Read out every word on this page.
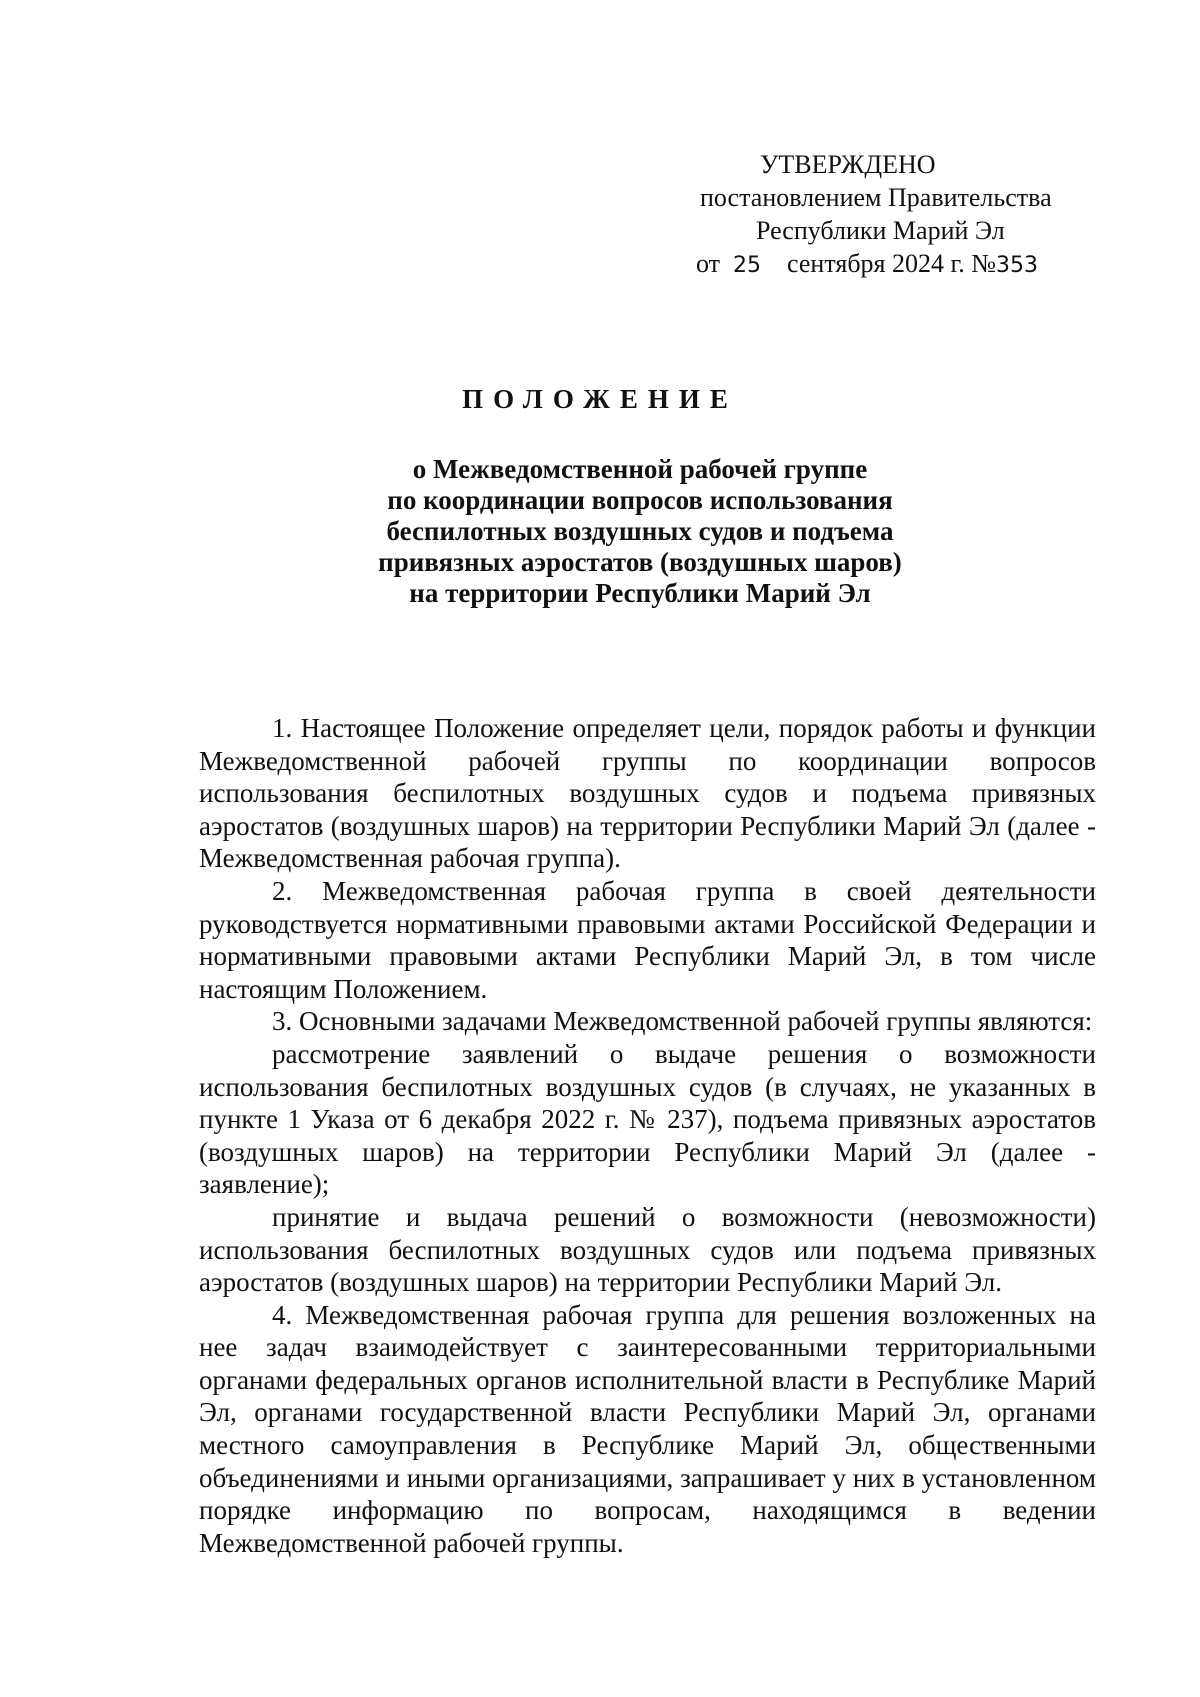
УТВЕРЖДЕНО
постановлением Правительства
Республики Марий Эл
от 25 сентября 2024 г. №353
ПОЛОЖЕНИЕ
о Межведомственной рабочей группе
по координации вопросов использования
беспилотных воздушных судов и подъема
привязных аэростатов (воздушных шаров)
на территории Республики Марий Эл

1. Настоящее Положение определяет цели, порядок работы и функции Межведомственной рабочей группы по координации вопросов использования беспилотных воздушных судов и подъема привязных аэростатов (воздушных шаров) на территории Республики Марий Эл (далее - Межведомственная рабочая группа).

2. Межведомственная рабочая группа в своей деятельности руководствуется нормативными правовыми актами Российской Федерации и нормативными правовыми актами Республики Марий Эл, в том числе настоящим Положением.

3. Основными задачами Межведомственной рабочей группы являются:

рассмотрение заявлений о выдаче решения о возможности использования беспилотных воздушных судов (в случаях, не указанных в пункте 1 Указа от 6 декабря 2022 г. № 237), подъема привязных аэростатов (воздушных шаров) на территории Республики Марий Эл (далее - заявление);

принятие и выдача решений о возможности (невозможности) использования беспилотных воздушных судов или подъема привязных аэростатов (воздушных шаров) на территории Республики Марий Эл.

4. Межведомственная рабочая группа для решения возложенных на нее задач взаимодействует с заинтересованными территориальными органами федеральных органов исполнительной власти в Республике Марий Эл, органами государственной власти Республики Марий Эл, органами местного самоуправления в Республике Марий Эл, общественными объединениями и иными организациями, запрашивает у них в установленном порядке информацию по вопросам, находящимся в ведении Межведомственной рабочей группы.
